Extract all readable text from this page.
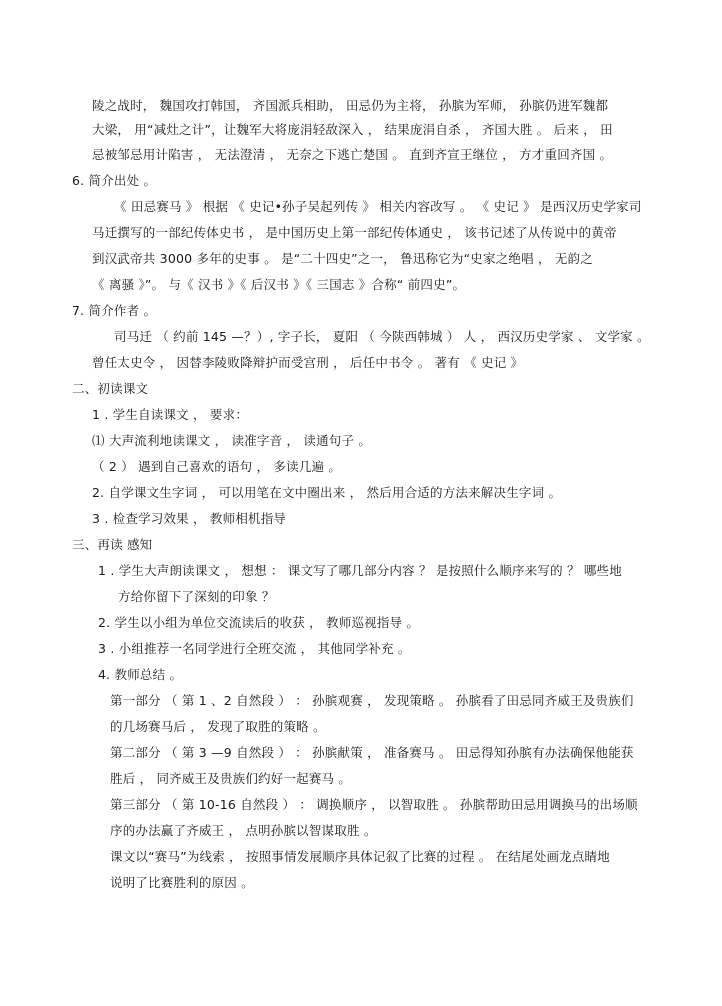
陵之战时， 魏国攻打韩国， 齐国派兵相助， 田忌仍为主将， 孙膑为军师， 孙膑仍进军魏都
大梁， 用“减灶之计”，让魏军大将庞涓轻敌深入 ， 结果庞涓自杀 ， 齐国大胜 。 后来 ， 田
忌被邹忌用计陷害 ， 无法澄清 ， 无奈之下逃亡楚国 。 直到齐宣王继位 ， 方才重回齐国 。
6. 简介出处 。
《 田忌赛马 》 根据 《 史记•孙子吴起列传 》 相关内容改写 。 《 史记 》 是西汉历史学家司
马迁撰写的一部纪传体史书 ， 是中国历史上第一部纪传体通史 ， 该书记述了从传说中的黄帝
到汉武帝共 3000 多年的史事 。 是“二十四史”之一， 鲁迅称它为“史家之绝唱 ， 无韵之
《 离骚 》”。 与《 汉书 》《 后汉书 》《 三国志 》合称“ 前四史”。
7. 简介作者 。
司马迁 （ 约前 145 —？）, 字子长， 夏阳 （ 今陕西韩城 ） 人 ， 西汉历史学家 、 文学家 。
曾任太史令 ， 因替李陵败降辩护而受宫刑 ， 后任中书令 。 著有 《 史记 》
二、初读课文
1 . 学生自读课文 ， 要求：
⑴ 大声流利地读课文 ， 读准字音 ， 读通句子 。
（ 2 ） 遇到自己喜欢的语句 ， 多读几遍 。
2. 自学课文生字词 ， 可以用笔在文中圈出来 ， 然后用合适的方法来解决生字词 。
3 . 检查学习效果 ， 教师相机指导
三、再读 感知
1 . 学生大声朗读课文 ， 想想 ： 课文写了哪几部分内容 ？ 是按照什么顺序来写的 ？ 哪些地
方给你留下了深刻的印象 ？
2. 学生以小组为单位交流读后的收获 ， 教师巡视指导 。
3 . 小组推荐一名同学进行全班交流 ， 其他同学补充 。
4. 教师总结 。
第一部分 （ 第 1 、2 自然段 ） ： 孙膑观赛 ， 发现策略 。 孙膑看了田忌同齐威王及贵族们
的几场赛马后 ， 发现了取胜的策略 。
第二部分 （ 第 3 —9 自然段 ） ： 孙膑献策 ， 准备赛马 。 田忌得知孙膑有办法确保他能获
胜后 ， 同齐威王及贵族们约好一起赛马 。
第三部分 （ 第 10-16 自然段 ） ： 调换顺序 ， 以智取胜 。 孙膑帮助田忌用调换马的出场顺
序的办法赢了齐威王 ， 点明孙膑以智谋取胜 。
课文以“赛马”为线索 ， 按照事情发展顺序具体记叙了比赛的过程 。 在结尾处画龙点睛地
说明了比赛胜利的原因 。
